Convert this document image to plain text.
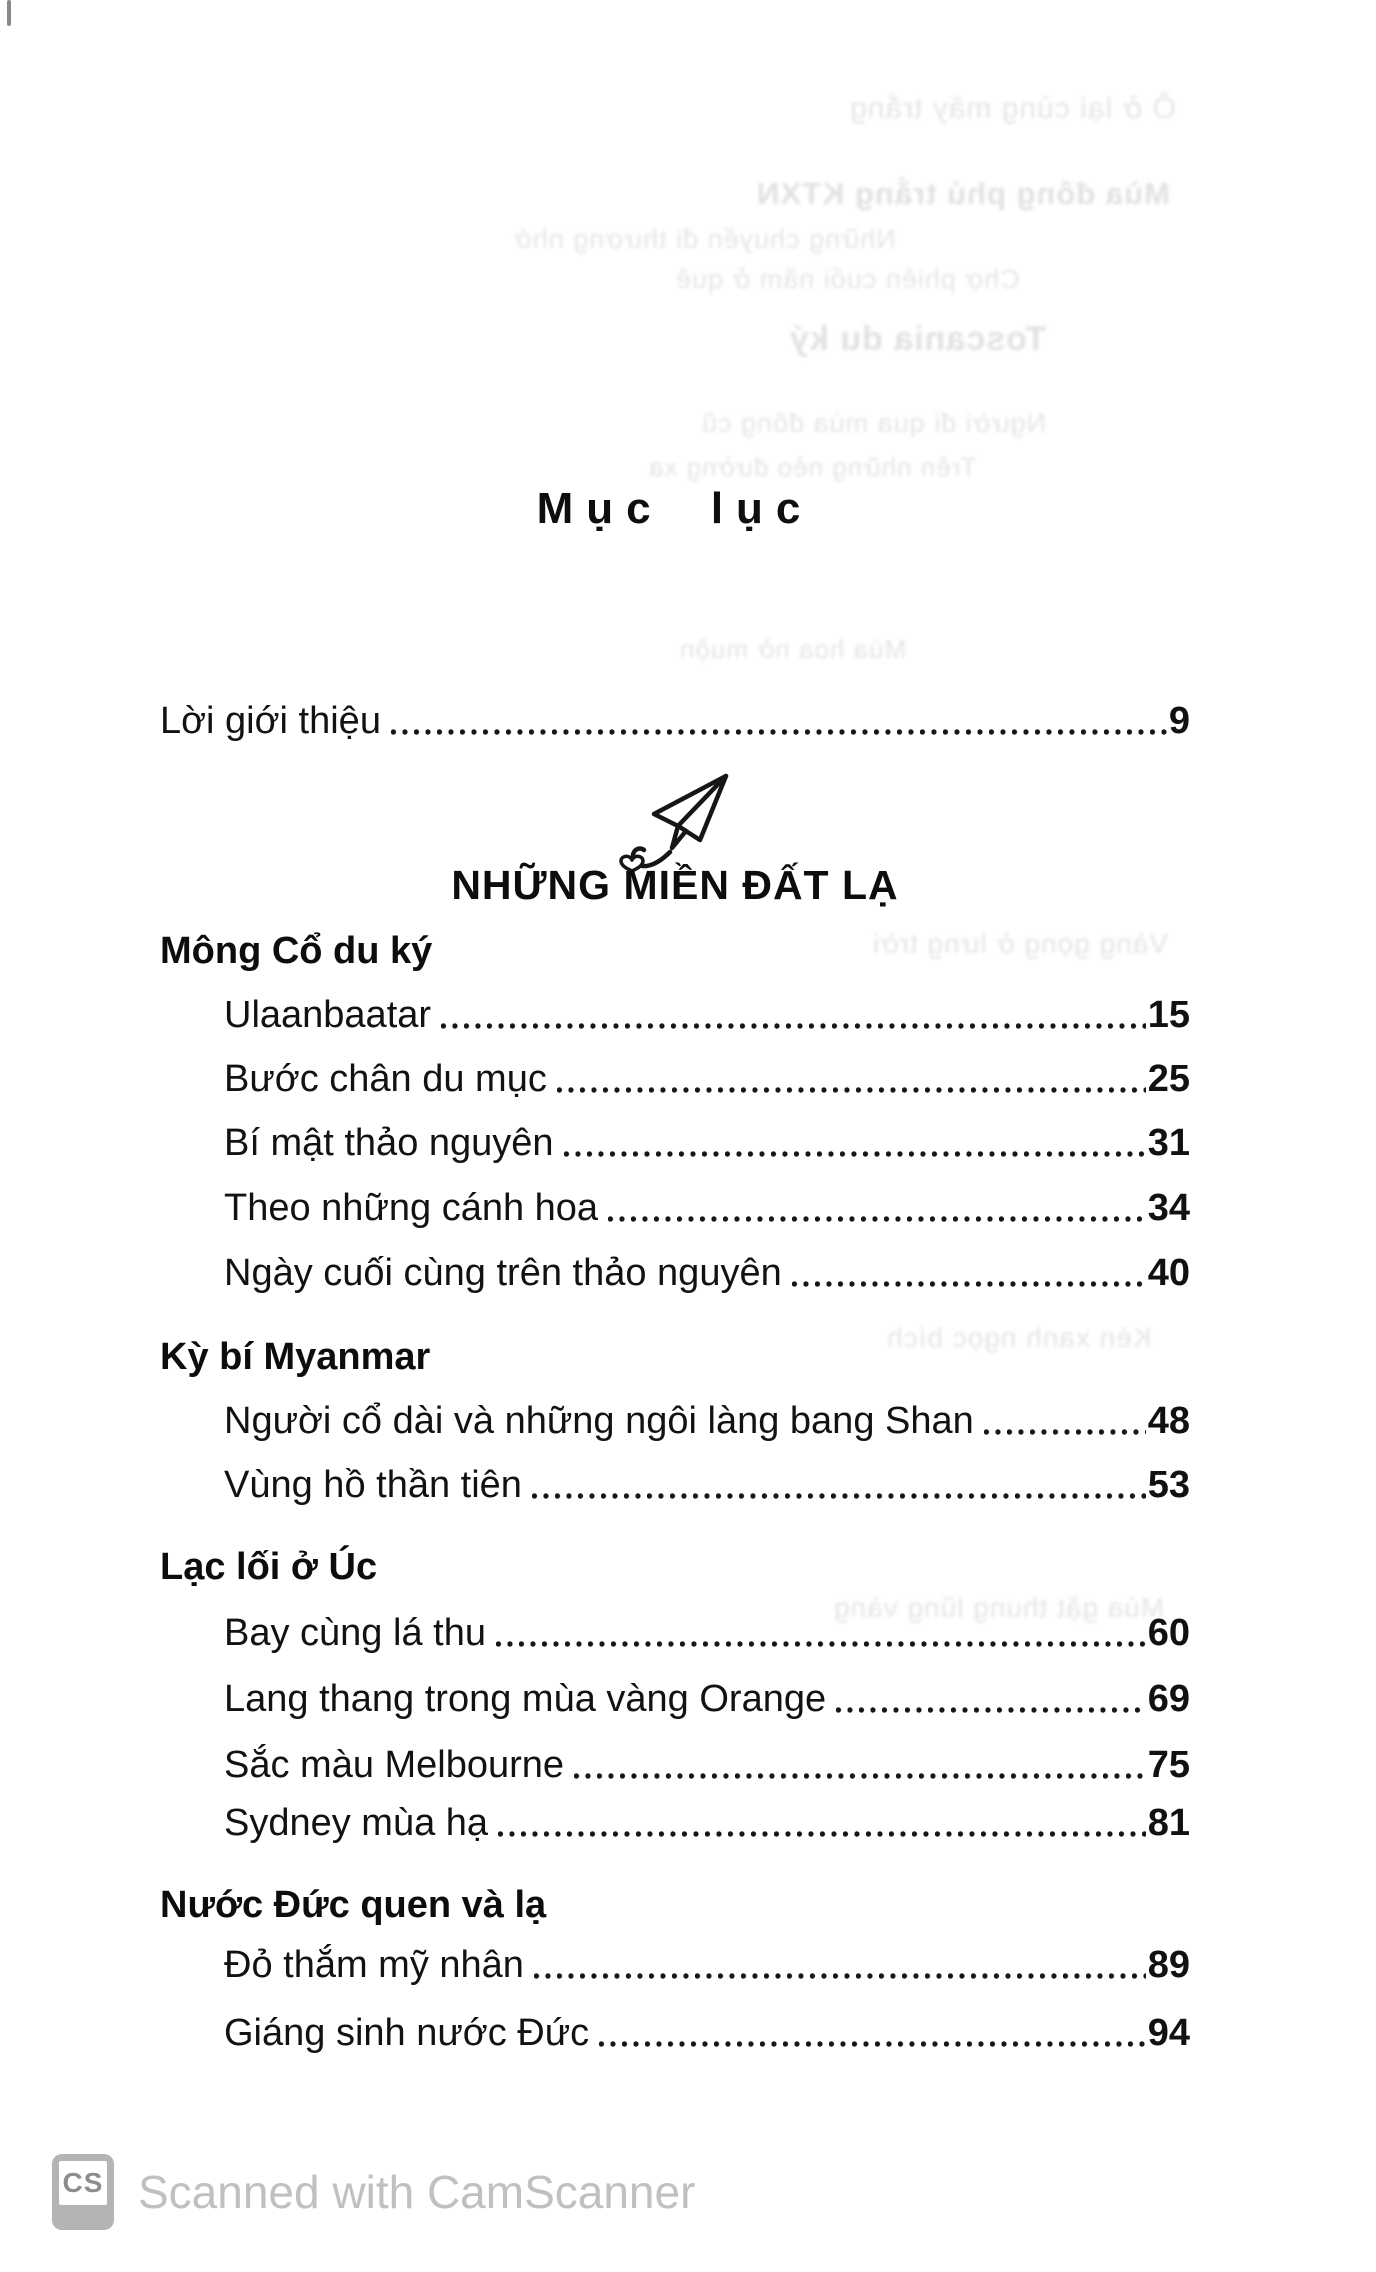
Ô ở lại cùng mây trắng
Mùa đông phủ trắng KTXN
Những chuyến đi thương nhớ
Chợ phiên cuối năm ở quê
Toscania du ký
Người đi qua mùa đông cũ
Trên những nẻo đường xa
Mùa hoa nở muộn
Vàng gọng ở lưng trời
Kèn xanh ngọc bích
Mùa gặt thung lũng vàng
Mục lục
NHỮNG MIỀN ĐẤT LẠ
Lời giới thiệu	9
Mông Cổ du ký
Ulaanbaatar	15
Bước chân du mục	25
Bí mật thảo nguyên	31
Theo những cánh hoa	34
Ngày cuối cùng trên thảo nguyên	40
Kỳ bí Myanmar
Người cổ dài và những ngôi làng bang Shan	48
Vùng hồ thần tiên	53
Lạc lối ở Úc
Bay cùng lá thu	60
Lang thang trong mùa vàng Orange	69
Sắc màu Melbourne	75
Sydney mùa hạ	81
Nước Đức quen và lạ
Đỏ thắm mỹ nhân	89
Giáng sinh nước Đức	94
CS Scanned with CamScanner
